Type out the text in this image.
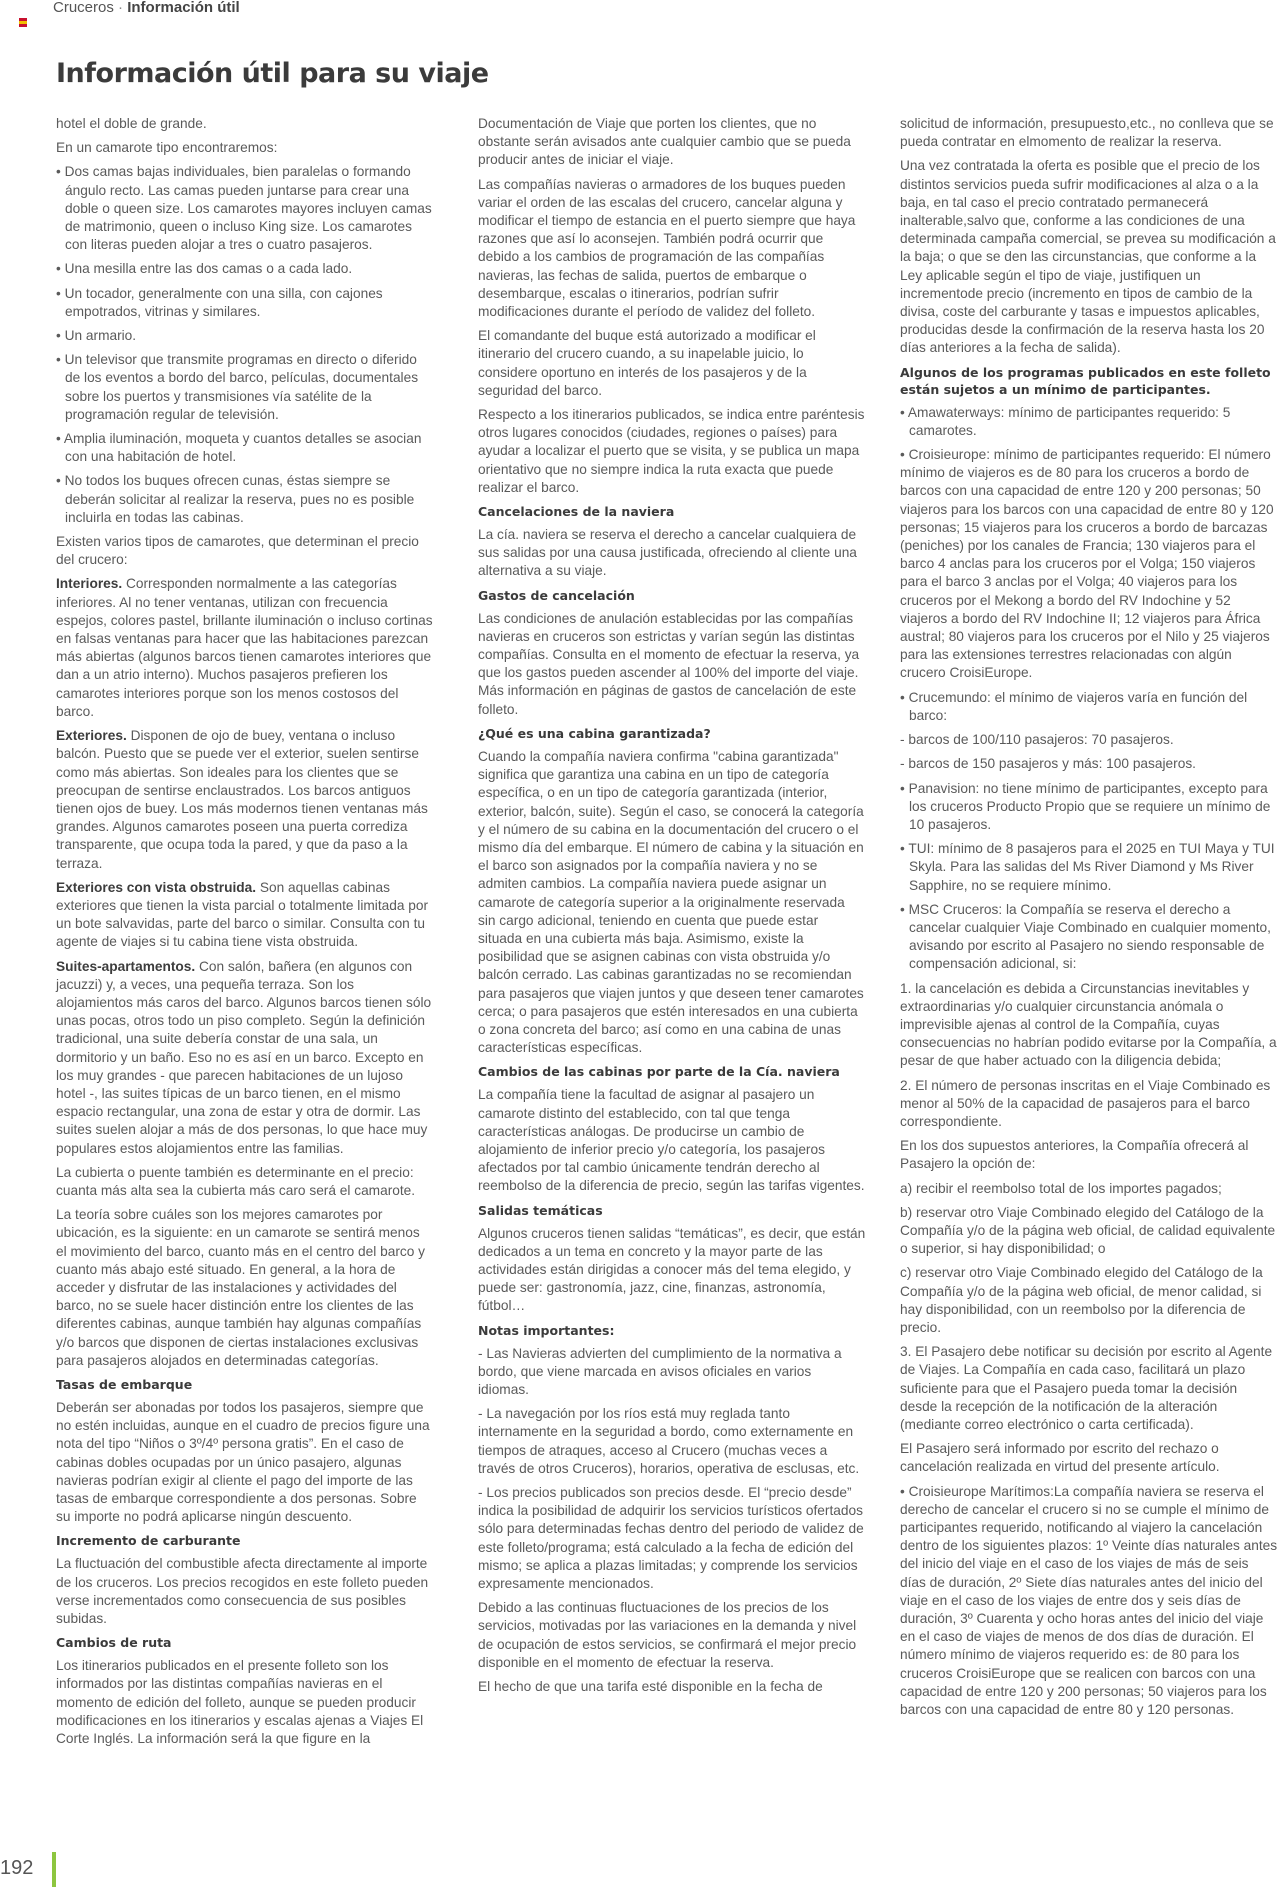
Cruceros · Información útil
Información útil para su viaje

hotel el doble de grande.

En un camarote tipo encontraremos:

• Dos camas bajas individuales, bien paralelas o formando ángulo recto. Las camas pueden juntarse para crear una doble o queen size. Los camarotes mayores incluyen camas de matrimonio, queen o incluso King size. Los camarotes con literas pueden alojar a tres o cuatro pasajeros.

• Una mesilla entre las dos camas o a cada lado.

• Un tocador, generalmente con una silla, con cajones empotrados, vitrinas y similares.

• Un armario.

• Un televisor que transmite programas en directo o diferido de los eventos a bordo del barco, películas, documentales sobre los puertos y transmisiones vía satélite de la programación regular de televisión.

• Amplia iluminación, moqueta y cuantos detalles se asocian con una habitación de hotel.

• No todos los buques ofrecen cunas, éstas siempre se deberán solicitar al realizar la reserva, pues no es posible incluirla en todas las cabinas.

Existen varios tipos de camarotes, que determinan el precio del crucero:

Interiores. Corresponden normalmente a las categorías inferiores. Al no tener ventanas, utilizan con frecuencia espejos, colores pastel, brillante iluminación o incluso cortinas en falsas ventanas para hacer que las habitaciones parezcan más abiertas (algunos barcos tienen camarotes interiores que dan a un atrio interno). Muchos pasajeros prefieren los camarotes interiores porque son los menos costosos del barco.

Exteriores. Disponen de ojo de buey, ventana o incluso balcón. Puesto que se puede ver el exterior, suelen sentirse como más abiertas. Son ideales para los clientes que se preocupan de sentirse enclaustrados. Los barcos antiguos tienen ojos de buey. Los más modernos tienen ventanas más grandes. Algunos camarotes poseen una puerta corrediza transparente, que ocupa toda la pared, y que da paso a la terraza.

Exteriores con vista obstruida. Son aquellas cabinas exteriores que tienen la vista parcial o totalmente limitada por un bote salvavidas, parte del barco o similar. Consulta con tu agente de viajes si tu cabina tiene vista obstruida.

Suites-apartamentos. Con salón, bañera (en algunos con jacuzzi) y, a veces, una pequeña terraza. Son los alojamientos más caros del barco. Algunos barcos tienen sólo unas pocas, otros todo un piso completo. Según la definición tradicional, una suite debería constar de una sala, un dormitorio y un baño. Eso no es así en un barco. Excepto en los muy grandes - que parecen habitaciones de un lujoso hotel -, las suites típicas de un barco tienen, en el mismo espacio rectangular, una zona de estar y otra de dormir. Las suites suelen alojar a más de dos personas, lo que hace muy populares estos alojamientos entre las familias.

La cubierta o puente también es determinante en el precio: cuanta más alta sea la cubierta más caro será el camarote.

La teoría sobre cuáles son los mejores camarotes por ubicación, es la siguiente: en un camarote se sentirá menos el movimiento del barco, cuanto más en el centro del barco y cuanto más abajo esté situado. En general, a la hora de acceder y disfrutar de las instalaciones y actividades del barco, no se suele hacer distinción entre los clientes de las diferentes cabinas, aunque también hay algunas compañías y/o barcos que disponen de ciertas instalaciones exclusivas para pasajeros alojados en determinadas categorías.

Tasas de embarque

Deberán ser abonadas por todos los pasajeros, siempre que no estén incluidas, aunque en el cuadro de precios figure una nota del tipo “Niños o 3º/4º persona gratis”. En el caso de cabinas dobles ocupadas por un único pasajero, algunas navieras podrían exigir al cliente el pago del importe de las tasas de embarque correspondiente a dos personas. Sobre su importe no podrá aplicarse ningún descuento.

Incremento de carburante

La fluctuación del combustible afecta directamente al importe de los cruceros. Los precios recogidos en este folleto pueden verse incrementados como consecuencia de sus posibles subidas.

Cambios de ruta

Los itinerarios publicados en el presente folleto son los informados por las distintas compañías navieras en el momento de edición del folleto, aunque se pueden producir modificaciones en los itinerarios y escalas ajenas a Viajes El Corte Inglés. La información será la que figure en la

Documentación de Viaje que porten los clientes, que no obstante serán avisados ante cualquier cambio que se pueda producir antes de iniciar el viaje.

Las compañías navieras o armadores de los buques pueden variar el orden de las escalas del crucero, cancelar alguna y modificar el tiempo de estancia en el puerto siempre que haya razones que así lo aconsejen. También podrá ocurrir que debido a los cambios de programación de las compañías navieras, las fechas de salida, puertos de embarque o desembarque, escalas o itinerarios, podrían sufrir modificaciones durante el período de validez del folleto.

El comandante del buque está autorizado a modificar el itinerario del crucero cuando, a su inapelable juicio, lo considere oportuno en interés de los pasajeros y de la seguridad del barco.

Respecto a los itinerarios publicados, se indica entre paréntesis otros lugares conocidos (ciudades, regiones o países) para ayudar a localizar el puerto que se visita, y se publica un mapa orientativo que no siempre indica la ruta exacta que puede realizar el barco.

Cancelaciones de la naviera

La cía. naviera se reserva el derecho a cancelar cualquiera de sus salidas por una causa justificada, ofreciendo al cliente una alternativa a su viaje.

Gastos de cancelación

Las condiciones de anulación establecidas por las compañías navieras en cruceros son estrictas y varían según las distintas compañías. Consulta en el momento de efectuar la reserva, ya que los gastos pueden ascender al 100% del importe del viaje. Más información en páginas de gastos de cancelación de este folleto.

¿Qué es una cabina garantizada?

Cuando la compañía naviera confirma "cabina garantizada" significa que garantiza una cabina en un tipo de categoría específica, o en un tipo de categoría garantizada (interior, exterior, balcón, suite). Según el caso, se conocerá la categoría y el número de su cabina en la documentación del crucero o el mismo día del embarque. El número de cabina y la situación en el barco son asignados por la compañía naviera y no se admiten cambios. La compañía naviera puede asignar un camarote de categoría superior a la originalmente reservada sin cargo adicional, teniendo en cuenta que puede estar situada en una cubierta más baja. Asimismo, existe la posibilidad que se asignen cabinas con vista obstruida y/o balcón cerrado. Las cabinas garantizadas no se recomiendan para pasajeros que viajen juntos y que deseen tener camarotes cerca; o para pasajeros que estén interesados en una cubierta o zona concreta del barco; así como en una cabina de unas características específicas.

Cambios de las cabinas por parte de la Cía. naviera

La compañía tiene la facultad de asignar al pasajero un camarote distinto del establecido, con tal que tenga características análogas. De producirse un cambio de alojamiento de inferior precio y/o categoría, los pasajeros afectados por tal cambio únicamente tendrán derecho al reembolso de la diferencia de precio, según las tarifas vigentes.

Salidas temáticas

Algunos cruceros tienen salidas “temáticas”, es decir, que están dedicados a un tema en concreto y la mayor parte de las actividades están dirigidas a conocer más del tema elegido, y puede ser: gastronomía, jazz, cine, finanzas, astronomía, fútbol…

Notas importantes:

- Las Navieras advierten del cumplimiento de la normativa a bordo, que viene marcada en avisos oficiales en varios idiomas.

- La navegación por los ríos está muy reglada tanto internamente en la seguridad a bordo, como externamente en tiempos de atraques, acceso al Crucero (muchas veces a través de otros Cruceros), horarios, operativa de esclusas, etc.

- Los precios publicados son precios desde. El “precio desde” indica la posibilidad de adquirir los servicios turísticos ofertados sólo para determinadas fechas dentro del periodo de validez de este folleto/programa; está calculado a la fecha de edición del mismo; se aplica a plazas limitadas; y comprende los servicios expresamente mencionados.

Debido a las continuas fluctuaciones de los precios de los servicios, motivadas por las variaciones en la demanda y nivel de ocupación de estos servicios, se confirmará el mejor precio disponible en el momento de efectuar la reserva.

El hecho de que una tarifa esté disponible en la fecha de

solicitud de información, presupuesto,etc., no conlleva que se pueda contratar en elmomento de realizar la reserva.

Una vez contratada la oferta es posible que el precio de los distintos servicios pueda sufrir modificaciones al alza o a la baja, en tal caso el precio contratado permanecerá inalterable,salvo que, conforme a las condiciones de una determinada campaña comercial, se prevea su modificación a la baja; o que se den las circunstancias, que conforme a la Ley aplicable según el tipo de viaje, justifiquen un incrementode precio (incremento en tipos de cambio de la divisa, coste del carburante y tasas e impuestos aplicables, producidas desde la confirmación de la reserva hasta los 20 días anteriores a la fecha de salida).

Algunos de los programas publicados en este folleto están sujetos a un mínimo de participantes.

• Amawaterways: mínimo de participantes requerido: 5 camarotes.

• Croisieurope: mínimo de participantes requerido: El número mínimo de viajeros es de 80 para los cruceros a bordo de barcos con una capacidad de entre 120 y 200 personas; 50 viajeros para los barcos con una capacidad de entre 80 y 120 personas; 15 viajeros para los cruceros a bordo de barcazas (peniches) por los canales de Francia; 130 viajeros para el barco 4 anclas para los cruceros por el Volga; 150 viajeros para el barco 3 anclas por el Volga; 40 viajeros para los cruceros por el Mekong a bordo del RV Indochine y 52 viajeros a bordo del RV Indochine II; 12 viajeros para África austral; 80 viajeros para los cruceros por el Nilo y 25 viajeros para las extensiones terrestres relacionadas con algún crucero CroisiEurope.

• Crucemundo: el mínimo de viajeros varía en función del barco:

- barcos de 100/110 pasajeros: 70 pasajeros.

- barcos de 150 pasajeros y más: 100 pasajeros.

• Panavision: no tiene mínimo de participantes, excepto para los cruceros Producto Propio que se requiere un mínimo de 10 pasajeros.

• TUI: mínimo de 8 pasajeros para el 2025 en TUI Maya y TUI Skyla. Para las salidas del Ms River Diamond y Ms River Sapphire, no se requiere mínimo.

• MSC Cruceros: la Compañía se reserva el derecho a cancelar cualquier Viaje Combinado en cualquier momento, avisando por escrito al Pasajero no siendo responsable de compensación adicional, si:

1. la cancelación es debida a Circunstancias inevitables y extraordinarias y/o cualquier circunstancia anómala o imprevisible ajenas al control de la Compañía, cuyas consecuencias no habrían podido evitarse por la Compañía, a pesar de que haber actuado con la diligencia debida;

2. El número de personas inscritas en el Viaje Combinado es menor al 50% de la capacidad de pasajeros para el barco correspondiente.

En los dos supuestos anteriores, la Compañía ofrecerá al Pasajero la opción de:

a) recibir el reembolso total de los importes pagados;

b) reservar otro Viaje Combinado elegido del Catálogo de la Compañía y/o de la página web oficial, de calidad equivalente o superior, si hay disponibilidad; o

c) reservar otro Viaje Combinado elegido del Catálogo de la Compañía y/o de la página web oficial, de menor calidad, si hay disponibilidad, con un reembolso por la diferencia de precio.

3. El Pasajero debe notificar su decisión por escrito al Agente de Viajes. La Compañía en cada caso, facilitará un plazo suficiente para que el Pasajero pueda tomar la decisión desde la recepción de la notificación de la alteración (mediante correo electrónico o carta certificada).

El Pasajero será informado por escrito del rechazo o cancelación realizada en virtud del presente artículo.

• Croisieurope Marítimos:La compañía naviera se reserva el derecho de cancelar el crucero si no se cumple el mínimo de participantes requerido, notificando al viajero la cancelación dentro de los siguientes plazos: 1º Veinte días naturales antes del inicio del viaje en el caso de los viajes de más de seis días de duración, 2º Siete días naturales antes del inicio del viaje en el caso de los viajes de entre dos y seis días de duración, 3º Cuarenta y ocho horas antes del inicio del viaje en el caso de viajes de menos de dos días de duración. El número mínimo de viajeros requerido es: de 80 para los cruceros CroisiEurope que se realicen con barcos con una capacidad de entre 120 y 200 personas; 50 viajeros para los barcos con una capacidad de entre 80 y 120 personas.

192
